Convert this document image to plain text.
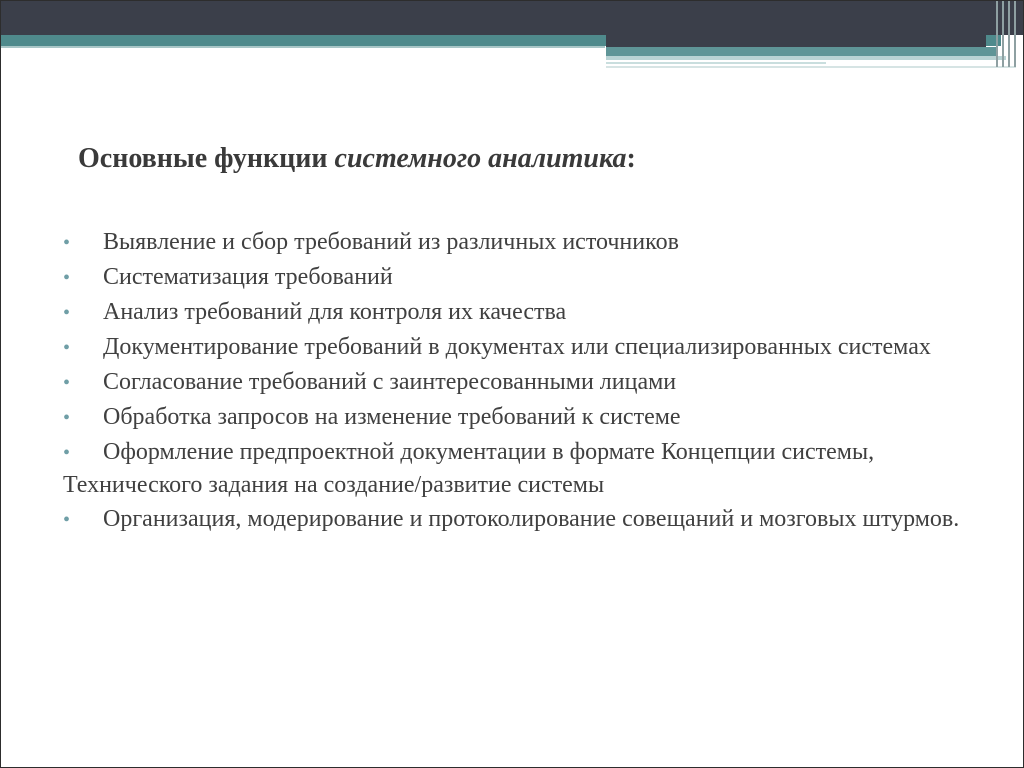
Основные функции системного аналитика:
• Выявление и сбор требований из различных источников
• Систематизация требований
• Анализ требований для контроля их качества
• Документирование требований в документах или специализированных системах
• Согласование требований с заинтересованными лицами
• Обработка запросов на изменение требований к системе
• Оформление предпроектной документации в формате Концепции системы, Технического задания на создание/развитие системы
• Организация, модерирование и протоколирование совещаний и мозговых штурмов.
